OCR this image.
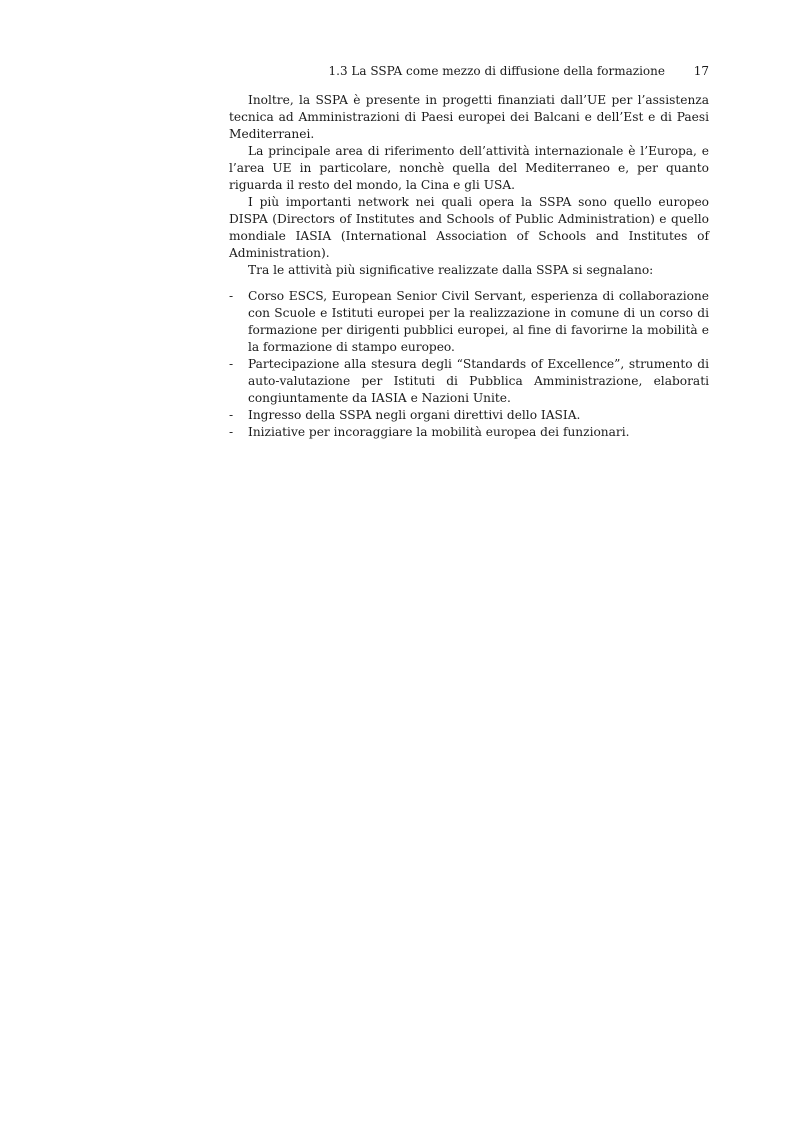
1.3 La SSPA come mezzo di diffusione della formazione 17

Inoltre, la SSPA è presente in progetti finanziati dall’UE per l’assistenza tecnica ad Amministrazioni di Paesi europei dei Balcani e dell’Est e di Paesi Mediterranei.

La principale area di riferimento dell’attività internazionale è l’Europa, e l’area UE in particolare, nonchè quella del Mediterraneo e, per quanto riguarda il resto del mondo, la Cina e gli USA.

I più importanti network nei quali opera la SSPA sono quello europeo DISPA (Directors of Institutes and Schools of Public Administration) e quello mondiale IASIA (International Association of Schools and Institutes of Administration).

Tra le attività più significative realizzate dalla SSPA si segnalano:

- Corso ESCS, European Senior Civil Servant, esperienza di collaborazione con Scuole e Istituti europei per la realizzazione in comune di un corso di formazione per dirigenti pubblici europei, al fine di favorirne la mobilità e la formazione di stampo europeo.
- Partecipazione alla stesura degli “Standards of Excellence”, strumento di auto-valutazione per Istituti di Pubblica Amministrazione, elaborati congiuntamente da IASIA e Nazioni Unite.
- Ingresso della SSPA negli organi direttivi dello IASIA.
- Iniziative per incoraggiare la mobilità europea dei funzionari.
